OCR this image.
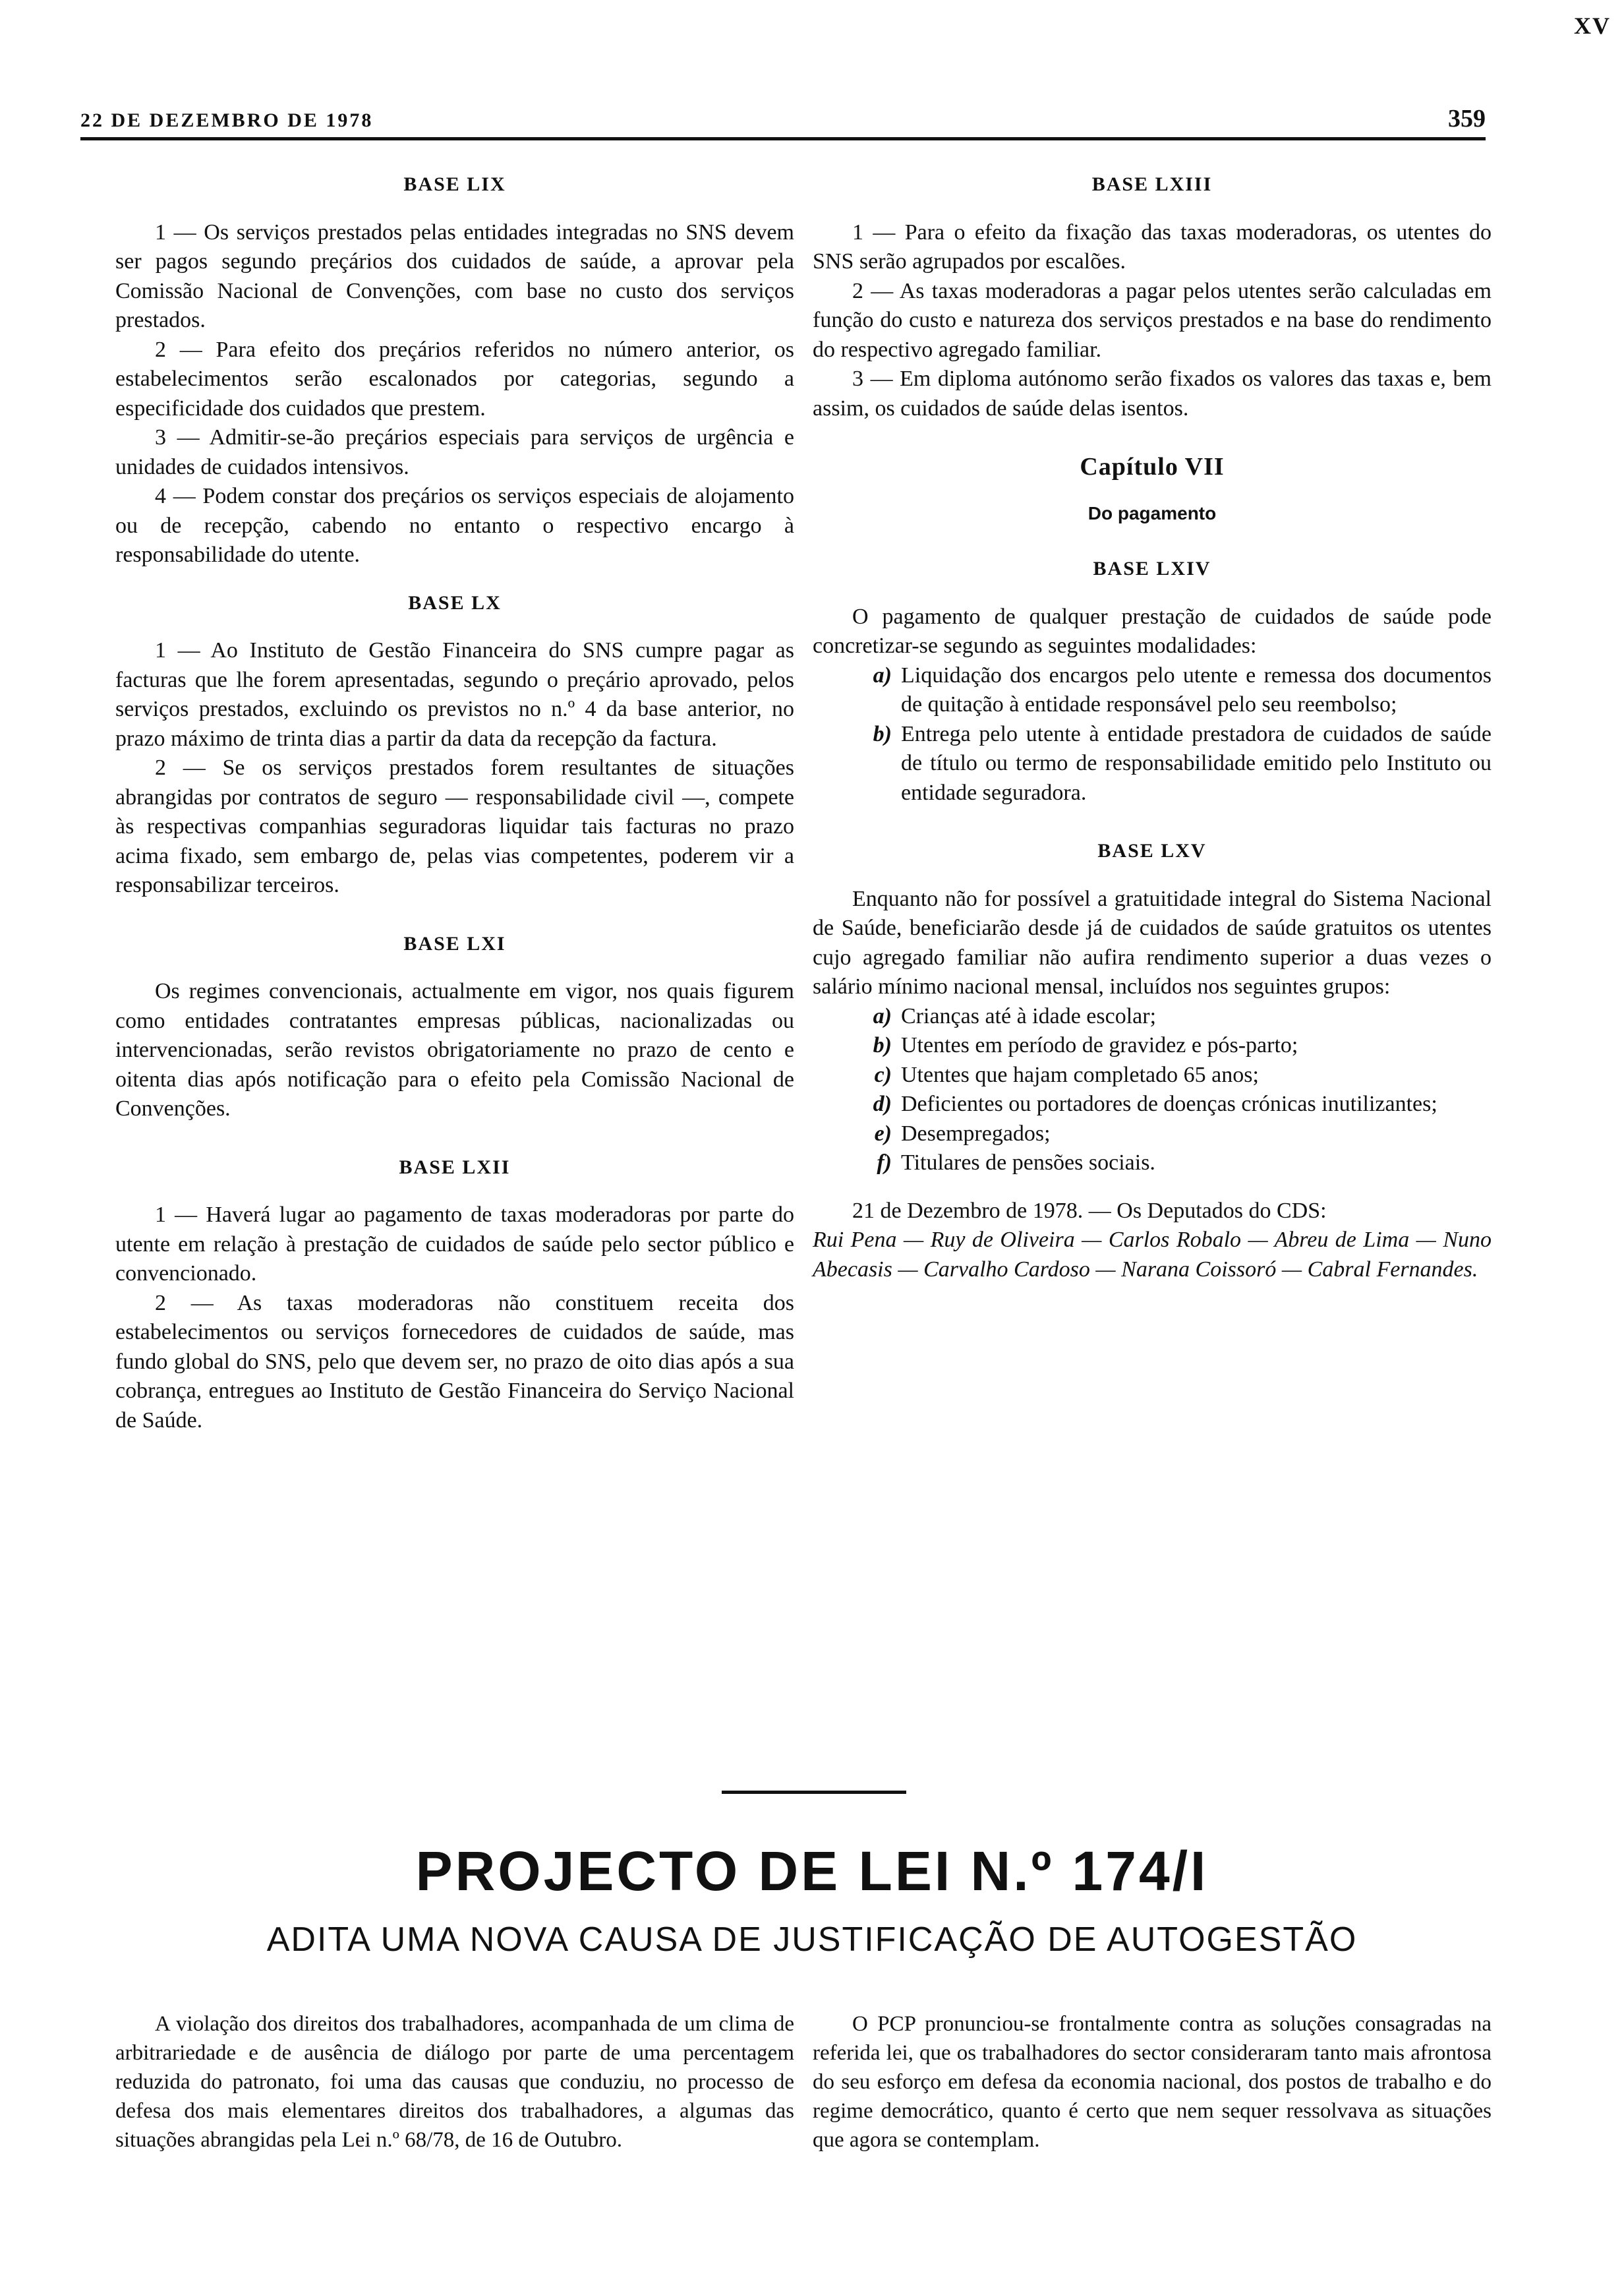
XV
22 DE DEZEMBRO DE 1978	359
BASE LIX

1 — Os serviços prestados pelas entidades integradas no SNS devem ser pagos segundo preçários dos cuidados de saúde, a aprovar pela Comissão Nacional de Convenções, com base no custo dos serviços prestados.

2 — Para efeito dos preçários referidos no número anterior, os estabelecimentos serão escalonados por categorias, segundo a especificidade dos cuidados que prestem.

3 — Admitir-se-ão preçários especiais para serviços de urgência e unidades de cuidados intensivos.

4 — Podem constar dos preçários os serviços especiais de alojamento ou de recepção, cabendo no entanto o respectivo encargo à responsabilidade do utente.

BASE LX

1 — Ao Instituto de Gestão Financeira do SNS cumpre pagar as facturas que lhe forem apresentadas, segundo o preçário aprovado, pelos serviços prestados, excluindo os previstos no n.º 4 da base anterior, no prazo máximo de trinta dias a partir da data da recepção da factura.

2 — Se os serviços prestados forem resultantes de situações abrangidas por contratos de seguro — responsabilidade civil —, compete às respectivas companhias seguradoras liquidar tais facturas no prazo acima fixado, sem embargo de, pelas vias competentes, poderem vir a responsabilizar terceiros.

BASE LXI

Os regimes convencionais, actualmente em vigor, nos quais figurem como entidades contratantes empresas públicas, nacionalizadas ou intervencionadas, serão revistos obrigatoriamente no prazo de cento e oitenta dias após notificação para o efeito pela Comissão Nacional de Convenções.

BASE LXII

1 — Haverá lugar ao pagamento de taxas moderadoras por parte do utente em relação à prestação de cuidados de saúde pelo sector público e convencionado.

2 — As taxas moderadoras não constituem receita dos estabelecimentos ou serviços fornecedores de cuidados de saúde, mas fundo global do SNS, pelo que devem ser, no prazo de oito dias após a sua cobrança, entregues ao Instituto de Gestão Financeira do Serviço Nacional de Saúde.

BASE LXIII

1 — Para o efeito da fixação das taxas moderadoras, os utentes do SNS serão agrupados por escalões.

2 — As taxas moderadoras a pagar pelos utentes serão calculadas em função do custo e natureza dos serviços prestados e na base do rendimento do respectivo agregado familiar.

3 — Em diploma autónomo serão fixados os valores das taxas e, bem assim, os cuidados de saúde delas isentos.

Capítulo VII
Do pagamento
BASE LXIV

O pagamento de qualquer prestação de cuidados de saúde pode concretizar-se segundo as seguintes modalidades:

a) Liquidação dos encargos pelo utente e remessa dos documentos de quitação à entidade responsável pelo seu reembolso;
b) Entrega pelo utente à entidade prestadora de cuidados de saúde de título ou termo de responsabilidade emitido pelo Instituto ou entidade seguradora.
BASE LXV

Enquanto não for possível a gratuitidade integral do Sistema Nacional de Saúde, beneficiarão desde já de cuidados de saúde gratuitos os utentes cujo agregado familiar não aufira rendimento superior a duas vezes o salário mínimo nacional mensal, incluídos nos seguintes grupos:

a) Crianças até à idade escolar;
b) Utentes em período de gravidez e pós-parto;
c) Utentes que hajam completado 65 anos;
d) Deficientes ou portadores de doenças crónicas inutilizantes;
e) Desempregados;
f) Titulares de pensões sociais.

21 de Dezembro de 1978. — Os Deputados do CDS:

Rui Pena — Ruy de Oliveira — Carlos Robalo — Abreu de Lima — Nuno Abecasis — Carvalho Cardoso — Narana Coissoró — Cabral Fernandes.

PROJECTO DE LEI N.º 174/I
ADITA UMA NOVA CAUSA DE JUSTIFICAÇÃO DE AUTOGESTÃO

A violação dos direitos dos trabalhadores, acompanhada de um clima de arbitrariedade e de ausência de diálogo por parte de uma percentagem reduzida do patronato, foi uma das causas que conduziu, no processo de defesa dos mais elementares direitos dos trabalhadores, a algumas das situações abrangidas pela Lei n.º 68/78, de 16 de Outubro.

O PCP pronunciou-se frontalmente contra as soluções consagradas na referida lei, que os trabalhadores do sector consideraram tanto mais afrontosa do seu esforço em defesa da economia nacional, dos postos de trabalho e do regime democrático, quanto é certo que nem sequer ressolvava as situações que agora se contemplam.
